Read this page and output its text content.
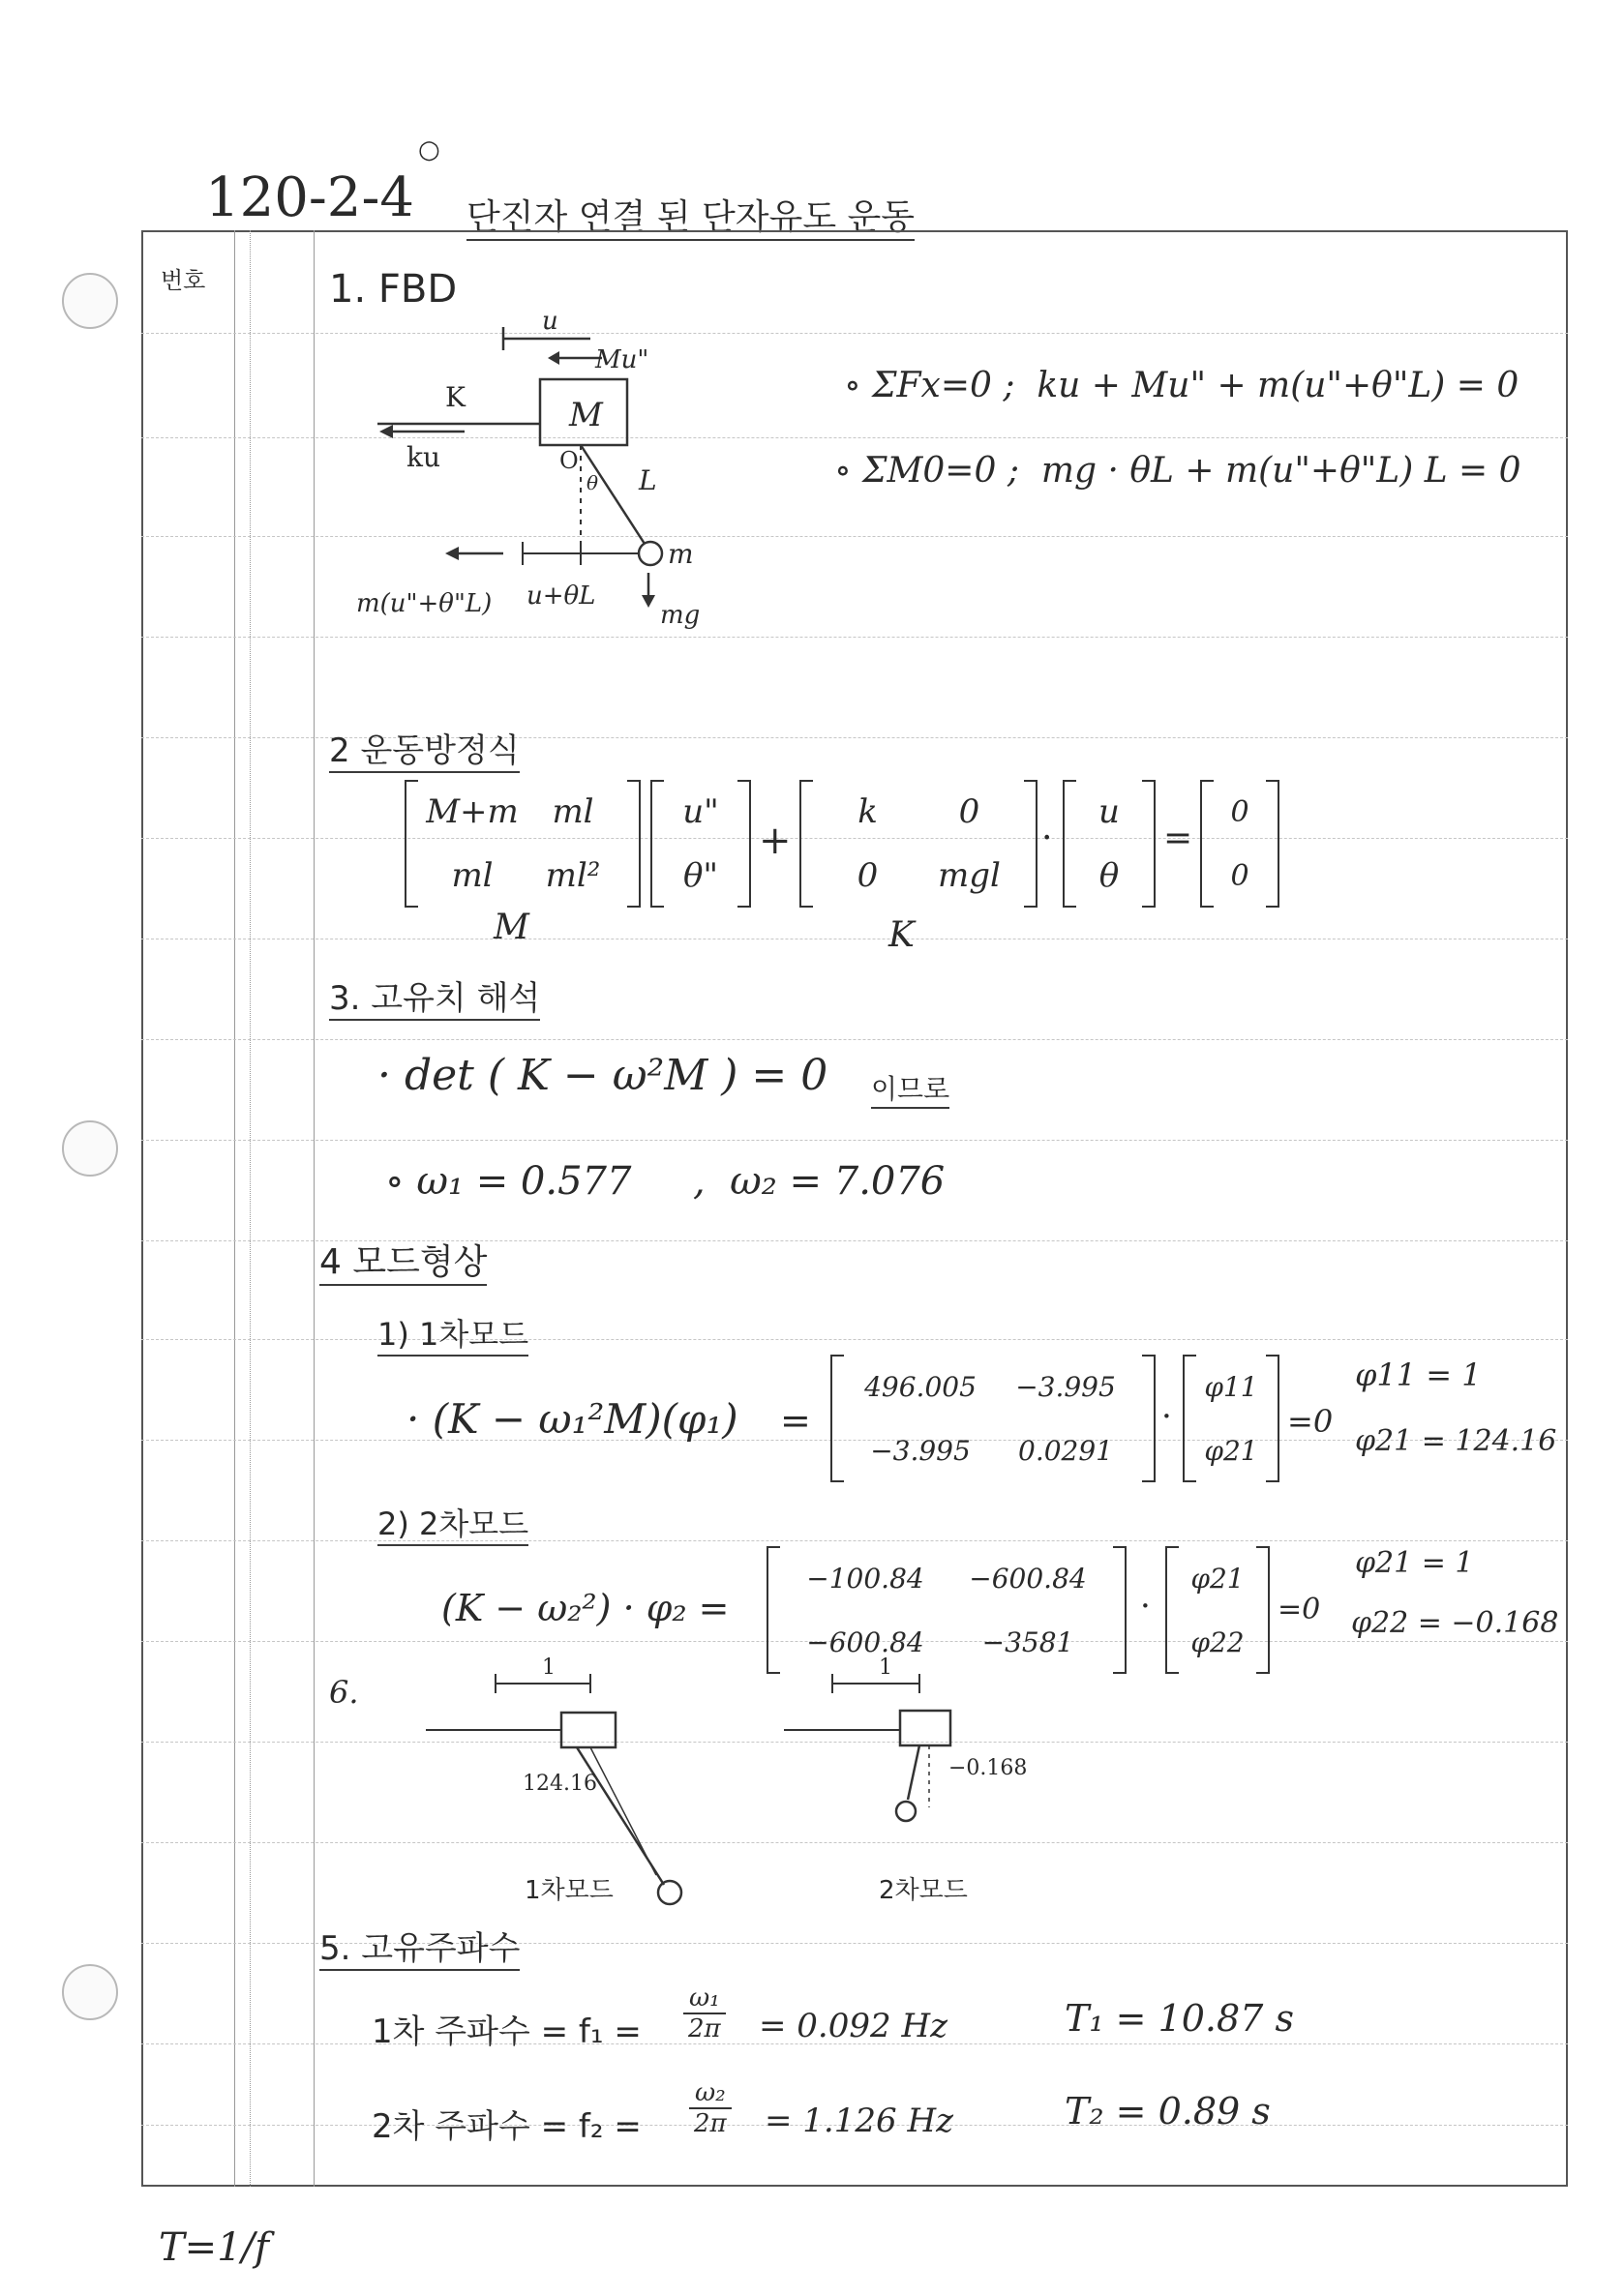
120-2-4
○
단진자 연결 된 단자유도 운동
번호	1. FBD
u
Mu"
M
K
ku	O
θ L
m
m(u"+θ"L) u+θL
mg
∘ ΣFx=0 ;  ku + Mu" + m(u"+θ"L) = 0
∘ ΣM0=0 ;  mg · θL + m(u"+θ"L) L = 0
2 운동방정식
M+m ml
ml ml²
M
u"
θ"
+
k 0
0 mgl
K
·
u
θ
=
0
0
3. 고유치 해석
· det ( K − ω²M ) = 0 이므로
∘ ω₁ = 0.577 ,  ω₂ = 7.076
4 모드형상
1) 1차모드
· (K − ω₁²M)(φ₁) =
496.005 −3.995
−3.995 0.0291
·
φ11
φ21
=0
φ11 = 1
φ21 = 124.16
2) 2차모드
(K − ω₂²) · φ₂ =
−100.84 −600.84
−600.84 −3581
·
φ21
φ22
=0
φ21 = 1
φ22 = −0.168
6.
1
124.16
1차모드
1
−0.168
2차모드
5. 고유주파수
1차 주파수 = $f_1 = \frac{\text{ω₁}}{2\pi} = 0.092$ Hz	T₁ = 10.87 s
2차 주파수 = $f_2 = \frac{\text{ω₂}}{2\pi} = 1.126$ Hz	T₂ = 0.89 s
T=1/f
